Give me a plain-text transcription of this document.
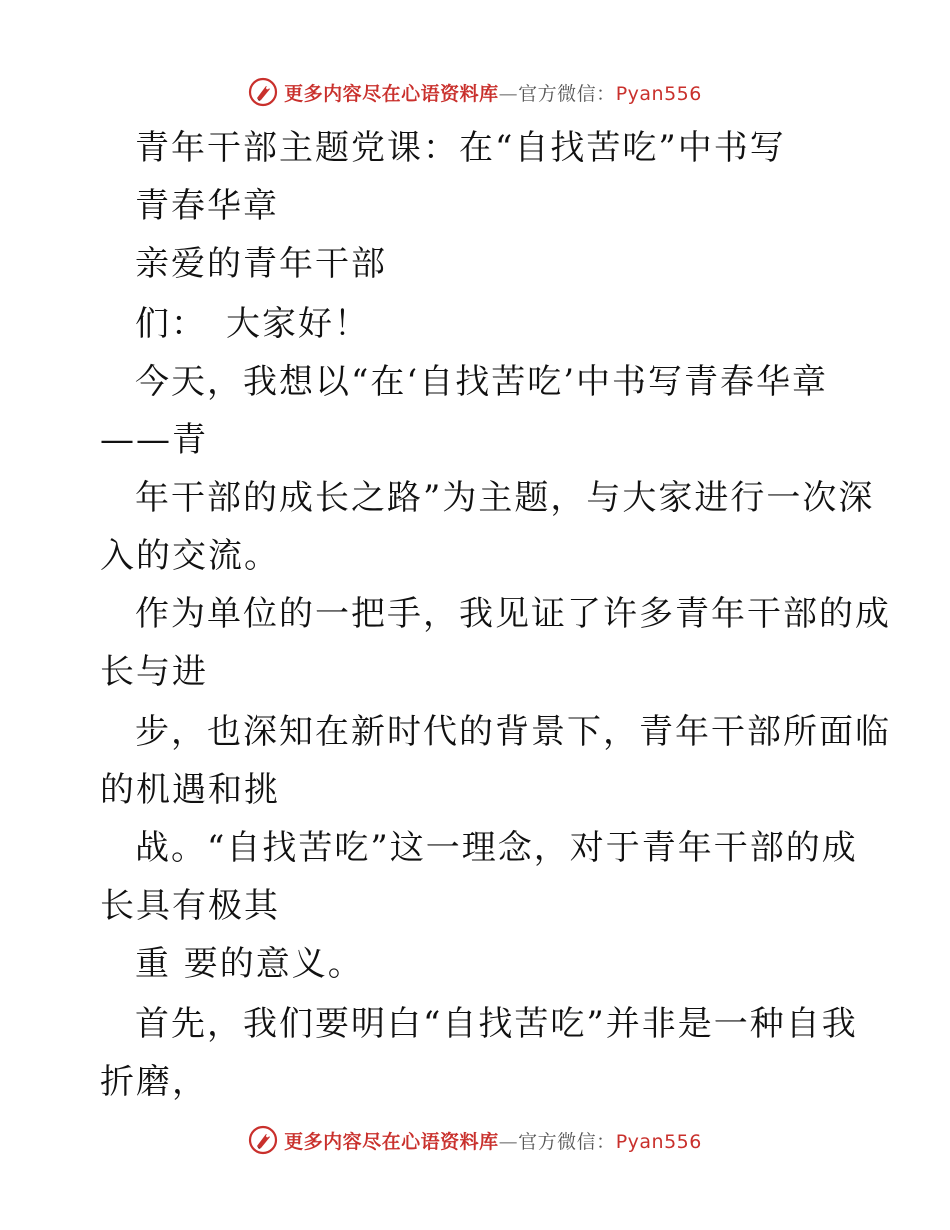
更多内容尽在心语资料库—官方微信：Pyan556
青年干部主题党课：在“自找苦吃”中书写
青春华章
亲爱的青年干部
们：　大家好！
今天，我想以“在‘自找苦吃’中书写青春华章
——青
年干部的成长之路”为主题，与大家进行一次深
入的交流。
作为单位的一把手，我见证了许多青年干部的成
长与进
步，也深知在新时代的背景下，青年干部所面临
的机遇和挑
战。“自找苦吃”这一理念，对于青年干部的成
长具有极其
重 要的意义。
首先，我们要明白“自找苦吃”并非是一种自我
折磨，
更多内容尽在心语资料库—官方微信：Pyan556
